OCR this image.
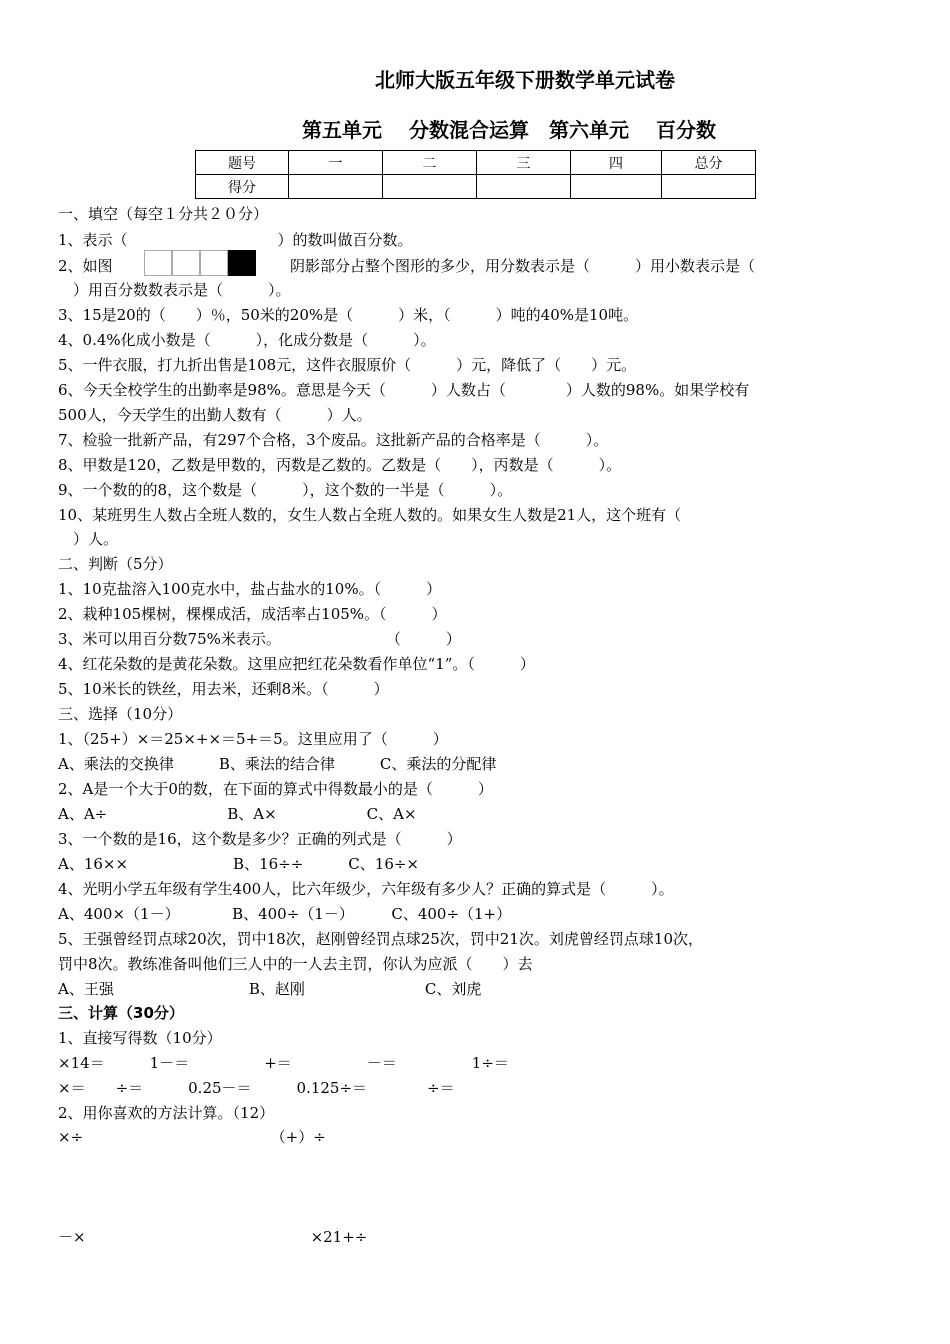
北师大版五年级下册数学单元试卷
第五单元　 分数混合运算　第六单元　 百分数
题号	一	二	三	四	总分
得分					
一、填空（每空１分共２０分）
1、表示（　　　　　　　　　　）的数叫做百分数。
2、如图	阴影部分占整个图形的多少，用分数表示是（　　　）用小数表示是（
　）用百分数数表示是（　　　）。
3、15是20的（　　）％，50米的20%是（　　　）米，（　　　）吨的40%是10吨。
4、0.4%化成小数是（　　　），化成分数是（　　　）。
5、一件衣服，打九折出售是108元，这件衣服原价（　　　）元，降低了（　　）元。
6、今天全校学生的出勤率是98%。意思是今天（　　　）人数占（　　　　）人数的98%。如果学校有
500人，今天学生的出勤人数有（　　　）人。
7、检验一批新产品，有297个合格，3个废品。这批新产品的合格率是（　　　）。
8、甲数是120，乙数是甲数的，丙数是乙数的。乙数是（　　），丙数是（　　　）。
9、一个数的的8，这个数是（　　　），这个数的一半是（　　　）。
10、某班男生人数占全班人数的，女生人数占全班人数的。如果女生人数是21人，这个班有（
　）人。
二、判断（5分）
1、10克盐溶入100克水中，盐占盐水的10%。（　　　）
2、栽种105棵树，棵棵成活，成活率占105%。（　　　）
3、米可以用百分数75%米表示。　　　　　　　　（　　　）
4、红花朵数的是黄花朵数。这里应把红花朵数看作单位“1”。（　　　）
5、10米长的铁丝，用去米，还剩8米。（　　　）
三、选择（10分）
1、（25+）×＝25×+×＝5+＝5。这里应用了（　　　）
A、乘法的交换律　　　B、乘法的结合律　　　C、乘法的分配律
2、A是一个大于0的数，在下面的算式中得数最小的是（　　　）
A、A÷　　　　　　　　B、A×　　　　　　C、A×
3、一个数的是16，这个数是多少？正确的列式是（　　　）
A、16××　　　　　　　B、16÷÷　　　C、16÷×
4、光明小学五年级有学生400人，比六年级少，六年级有多少人？正确的算式是（　　　）。
A、400×（1－）　　　　B、400÷（1－）　　　C、400÷（1+）
5、王强曾经罚点球20次，罚中18次，赵刚曾经罚点球25次，罚中21次。刘虎曾经罚点球10次，
罚中8次。教练准备叫他们三人中的一人去主罚，你认为应派（　　）去
A、王强　　　　　　　　　B、赵刚　　　　　　　　C、刘虎
三、计算（30分）
1、直接写得数（10分）
×14＝　　　1－＝　　　　　+＝　　　　　－＝　　　　　1÷＝
×＝　　÷＝　　　0.25－＝　　　0.125÷＝　　　　÷＝
2、用你喜欢的方法计算。（12）
×÷　　　　　　　　　　　　　（+）÷
－×　　　　　　　　　　　　　　　×21+÷
